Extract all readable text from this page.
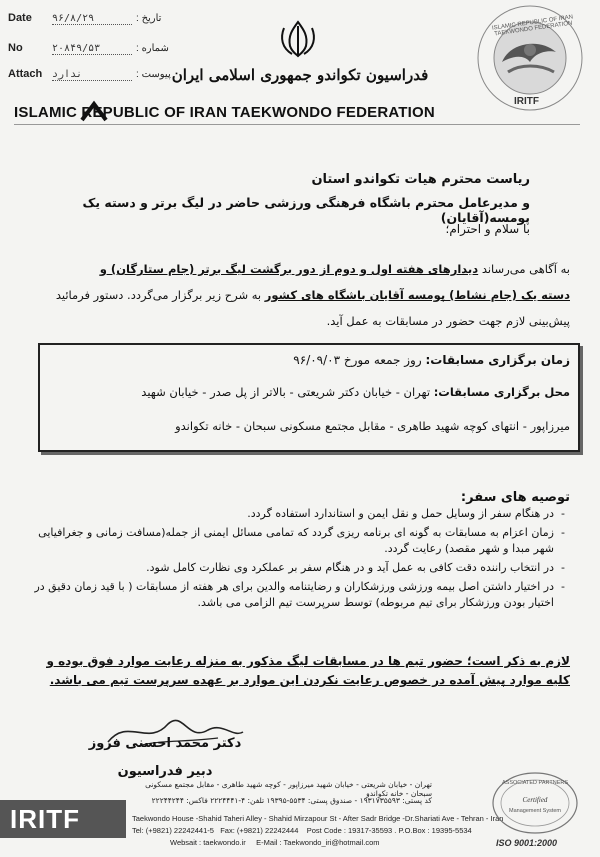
Date ۹۶/۸/۲۹	: تاریخ
No	۲۰۸۴۹/۵۳	: شماره
Attach ندارد	: پیوست فدراسیون تکواندو جمهوری اسلامی ایران
ISLAMIC REPUBLIC OF IRAN TAEKWONDO FEDERATION
IRITF
ISLAMIC REPUBLIC OF IRAN TAEKWONDO FEDERATION
ریاست محترم هیات تکواندو استان
و مدیرعامل محترم باشگاه فرهنگی ورزشی حاضر در لیگ برتر و دسته یک پومسه(آقایان)
با سلام و احترام؛
به آگاهی می‌رساند دیدارهای هفته اول و دوم از دور برگشت لیگ برتر (جام ستارگان) و
دسته یک (جام نشاط) پومسه آقایان باشگاه های کشور به شرح زیر برگزار می‌گردد. دستور فرمائید
پیش‌بینی لازم جهت حضور در مسابقات به عمل آید.
زمان برگزاری مسابقات: روز جمعه مورخ ۹۶/۰۹/۰۳
محل برگزاری مسابقات: تهران - خیابان دکتر شریعتی - بالاتر از پل صدر - خیابان شهید
میرزاپور - انتهای کوچه شهید طاهری - مقابل مجتمع مسکونی سبحان - خانه تکواندو
توصیه های سفر:
- در هنگام سفر از وسایل حمل و نقل ایمن و استاندارد استفاده گردد.
- زمان اعزام به مسابقات به گونه ای برنامه ریزی گردد که تمامی مسائل ایمنی از جمله(مسافت زمانی و جغرافیایی شهر مبدا و شهر مقصد) رعایت گردد.
- در انتخاب راننده دقت کافی به عمل آید و در هنگام سفر بر عملکرد وی نظارت کامل شود.
- در اختیار داشتن اصل بیمه ورزشی ورزشکاران و رضایتنامه والدین برای هر هفته از مسابقات ( با قید زمان دقیق در اختیار بودن ورزشکار برای تیم مربوطه) توسط سرپرست تیم الزامی می باشد.
لازم به ذکر است؛ حضور تیم ها در مسابقات لیگ مذکور به منزله رعایت موارد فوق بوده و کلیه موارد پیش آمده در خصوص رعایت نکردن این موارد بر عهده سرپرست تیم می باشد.
دکتر محمد احسنی فروز
دبیر فدراسیون
IRITF
تهران - خیابان شریعتی - خیابان شهید میرزاپور - کوچه شهید طاهری - مقابل مجتمع مسکونی سبحان - خانه تکواندو
کد پستی: ۱۹۳۱۷۳۵۵۹۳ - صندوق پستی: ۵۵۳۴-۱۹۳۹۵ تلفن: ۴-۲۲۲۴۴۴۱ فاکس: ۲۲۲۴۴۲۴۴
Taekwondo House -Shahid Taheri Alley - Shahid Mirzapour St - After Sadr Bridge -Dr.Shariati Ave - Tehran - Iran
Tel: (+9821) 22242441-5 Fax: (+9821) 22242444 Post Code : 19317-35593 . P.O.Box : 19395-5534
Websait : taekwondo.ir E-Mail : Taekwondo_iri@hotmail.com
ASSOCIATED PARTNERS
Certified
Management System
ISO 9001:2000
